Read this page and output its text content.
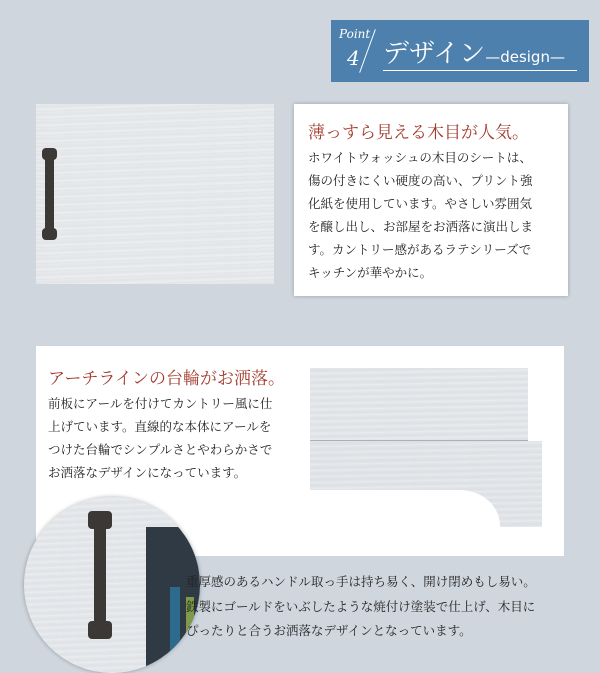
Point
4 デザイン—design—
薄っすら見える木目が人気。
ホワイトウォッシュの木目のシートは、
傷の付きにくい硬度の高い、プリント強
化紙を使用しています。やさしい雰囲気
を醸し出し、お部屋をお洒落に演出しま
す。カントリー感があるラテシリーズで
キッチンが華やかに。
アーチラインの台輪がお洒落。
前板にアールを付けてカントリー風に仕
上げています。直線的な本体にアールを
つけた台輪でシンプルさとやわらかさで
お洒落なデザインになっています。
重厚感のあるハンドル取っ手は持ち易く、開け閉めもし易い。
鉄製にゴールドをいぶしたような焼付け塗装で仕上げ、木目に
ぴったりと合うお洒落なデザインとなっています。
